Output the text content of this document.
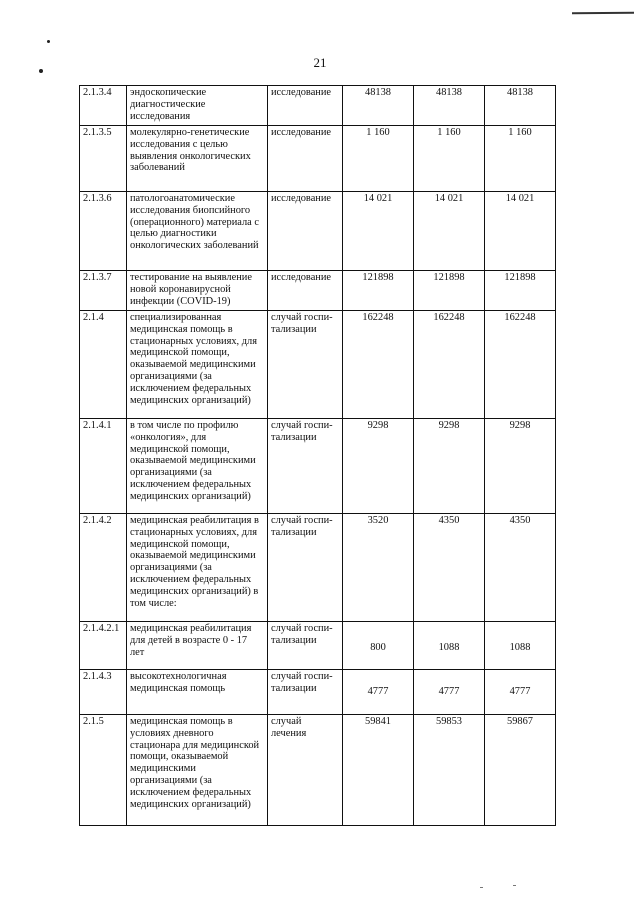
21
2.1.3.4	эндоскопические диагностические исследования	исследование	48138	48138	48138
2.1.3.5	молекулярно-генетические исследования с целью выявления онкологических заболеваний	исследование	1 160	1 160	1 160
2.1.3.6	патологоанатомические исследования биопсийного (операционного) материала с целью диагностики онкологических заболеваний	исследование	14 021	14 021	14 021
2.1.3.7	тестирование на выявление новой коронавирусной инфекции (COVID-19)	исследование	121898	121898	121898
2.1.4	специализированная медицинская помощь в стационарных условиях, для медицинской помощи, оказываемой медицинскими организациями (за исключением федеральных медицинских организаций)	случай госпи-тализации	162248	162248	162248
2.1.4.1	в том числе по профилю «онкология», для медицинской помощи, оказываемой медицинскими организациями (за исключением федеральных медицинских организаций)	случай госпи-тализации	9298	9298	9298
2.1.4.2	медицинская реабилитация в стационарных условиях, для медицинской помощи, оказываемой медицинскими организациями (за исключением федеральных медицинских организаций) в том числе:	случай госпи-тализации	3520	4350	4350
2.1.4.2.1	медицинская реабилитация для детей в возрасте 0 - 17 лет	случай госпи-тализации	800	1088	1088
2.1.4.3	высокотехнологичная медицинская помощь	случай госпи-тализации	4777	4777	4777
2.1.5	медицинская помощь в условиях дневного стационара для медицинской помощи, оказываемой медицинскими организациями (за исключением федеральных медицинских организаций)	случай лечения	59841	59853	59867
